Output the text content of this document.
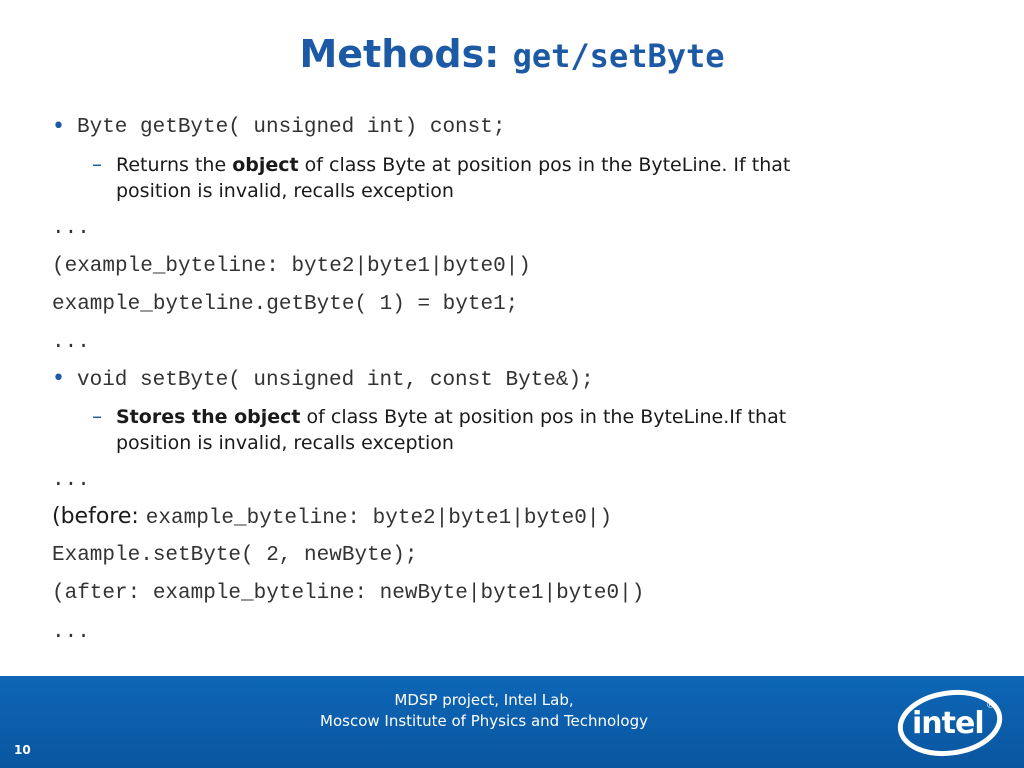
Methods: get/setByte
• Byte getByte( unsigned int) const;
– Returns the object of class Byte at position pos in the ByteLine. If that
position is invalid, recalls exception
...
(example_byteline: byte2|byte1|byte0|)
example_byteline.getByte( 1) = byte1;
...
• void setByte( unsigned int, const Byte&);
– Stores the object of class Byte at position pos in the ByteLine.If that
position is invalid, recalls exception
...
(before: example_byteline: byte2|byte1|byte0|)
Example.setByte( 2, newByte);
(after: example_byteline: newByte|byte1|byte0|)
...
MDSP project, Intel Lab,
Moscow Institute of Physics and Technology
10
intel ®
